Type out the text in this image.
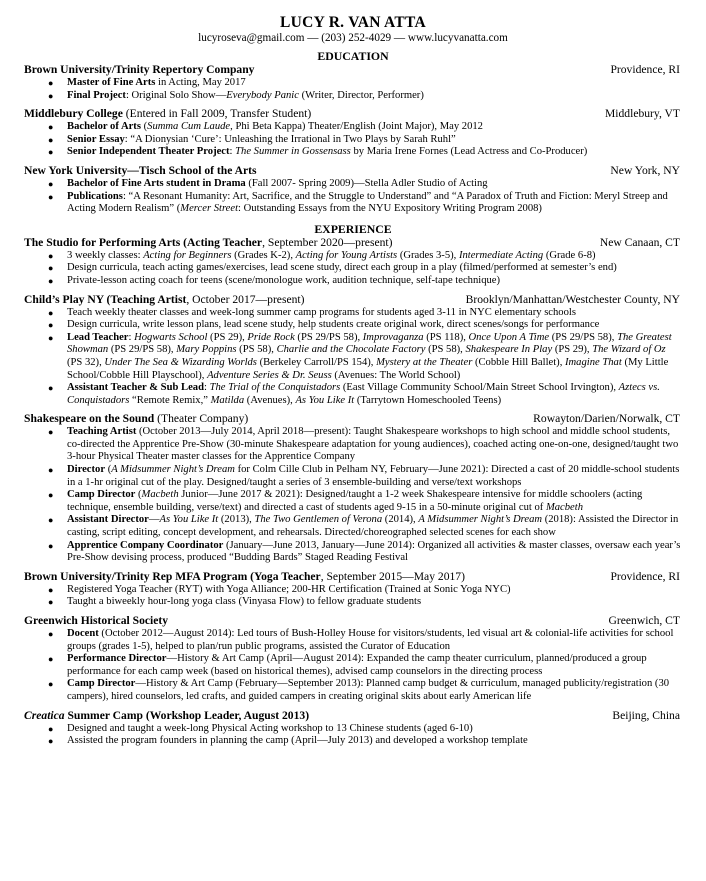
LUCY R. VAN ATTA
lucyroseva@gmail.com — (203) 252-4029 — www.lucyvanatta.com
EDUCATION
Brown University/Trinity Repertory Company	Providence, RI
● Master of Fine Arts in Acting, May 2017
● Final Project: Original Solo Show—Everybody Panic (Writer, Director, Performer)
Middlebury College (Entered in Fall 2009, Transfer Student)	Middlebury, VT
● Bachelor of Arts (Summa Cum Laude, Phi Beta Kappa) Theater/English (Joint Major), May 2012
● Senior Essay: “A Dionysian ‘Cure’: Unleashing the Irrational in Two Plays by Sarah Ruhl”
● Senior Independent Theater Project: The Summer in Gossensass by Maria Irene Fornes (Lead Actress and Co-Producer)
New York University—Tisch School of the Arts	New York, NY
● Bachelor of Fine Arts student in Drama (Fall 2007- Spring 2009)—Stella Adler Studio of Acting
● Publications: “A Resonant Humanity: Art, Sacrifice, and the Struggle to Understand” and “A Paradox of Truth and Fiction: Meryl Streep and Acting Modern Realism” (Mercer Street: Outstanding Essays from the NYU Expository Writing Program 2008)
EXPERIENCE
The Studio for Performing Arts (Acting Teacher, September 2020—present)	New Canaan, CT
● 3 weekly classes: Acting for Beginners (Grades K-2), Acting for Young Artists (Grades 3-5), Intermediate Acting (Grade 6-8)
● Design curricula, teach acting games/exercises, lead scene study, direct each group in a play (filmed/performed at semester’s end)
● Private-lesson acting coach for teens (scene/monologue work, audition technique, self-tape technique)
Child’s Play NY (Teaching Artist, October 2017—present)	Brooklyn/Manhattan/Westchester County, NY
● Teach weekly theater classes and week-long summer camp programs for students aged 3-11 in NYC elementary schools
● Design curricula, write lesson plans, lead scene study, help students create original work, direct scenes/songs for performance
● Lead Teacher: Hogwarts School (PS 29), Pride Rock (PS 29/PS 58), Improvaganza (PS 118), Once Upon A Time (PS 29/PS 58), The Greatest Showman (PS 29/PS 58), Mary Poppins (PS 58), Charlie and the Chocolate Factory (PS 58), Shakespeare In Play (PS 29), The Wizard of Oz (PS 32), Under The Sea & Wizarding Worlds (Berkeley Carroll/PS 154), Mystery at the Theater (Cobble Hill Ballet), Imagine That (My Little School/Cobble Hill Playschool), Adventure Series & Dr. Seuss (Avenues: The World School)
● Assistant Teacher & Sub Lead: The Trial of the Conquistadors (East Village Community School/Main Street School Irvington), Aztecs vs. Conquistadors “Remote Remix,” Matilda (Avenues), As You Like It (Tarrytown Homeschooled Teens)
Shakespeare on the Sound (Theater Company)	Rowayton/Darien/Norwalk, CT
● Teaching Artist (October 2013—July 2014, April 2018—present): Taught Shakespeare workshops to high school and middle school students, co-directed the Apprentice Pre-Show (30-minute Shakespeare adaptation for young audiences), coached acting one-on-one, designed/taught two 3-hour Physical Theater master classes for the Apprentice Company
● Director (A Midsummer Night’s Dream for Colm Cille Club in Pelham NY, February—June 2021): Directed a cast of 20 middle-school students in a 1-hr original cut of the play. Designed/taught a series of 3 ensemble-building and verse/text workshops
● Camp Director (Macbeth Junior—June 2017 & 2021): Designed/taught a 1-2 week Shakespeare intensive for middle schoolers (acting technique, ensemble building, verse/text) and directed a cast of students aged 9-15 in a 50-minute original cut of Macbeth
● Assistant Director—As You Like It (2013), The Two Gentlemen of Verona (2014), A Midsummer Night’s Dream (2018): Assisted the Director in casting, script editing, concept development, and rehearsals. Directed/choreographed selected scenes for each show
● Apprentice Company Coordinator (January—June 2013, January—June 2014): Organized all activities & master classes, oversaw each year’s Pre-Show devising process, produced “Budding Bards” Staged Reading Festival
Brown University/Trinity Rep MFA Program (Yoga Teacher, September 2015—May 2017)	Providence, RI
● Registered Yoga Teacher (RYT) with Yoga Alliance; 200-HR Certification (Trained at Sonic Yoga NYC)
● Taught a biweekly hour-long yoga class (Vinyasa Flow) to fellow graduate students
Greenwich Historical Society	Greenwich, CT
● Docent (October 2012—August 2014): Led tours of Bush-Holley House for visitors/students, led visual art & colonial-life activities for school groups (grades 1-5), helped to plan/run public programs, assisted the Curator of Education
● Performance Director—History & Art Camp (April—August 2014): Expanded the camp theater curriculum, planned/produced a group performance for each camp week (based on historical themes), advised camp counselors in the directing process
● Camp Director—History & Art Camp (February—September 2013): Planned camp budget & curriculum, managed publicity/registration (30 campers), hired counselors, led crafts, and guided campers in creating original skits about early American life
Creatica Summer Camp (Workshop Leader, August 2013)	Beijing, China
● Designed and taught a week-long Physical Acting workshop to 13 Chinese students (aged 6-10)
● Assisted the program founders in planning the camp (April—July 2013) and developed a workshop template
